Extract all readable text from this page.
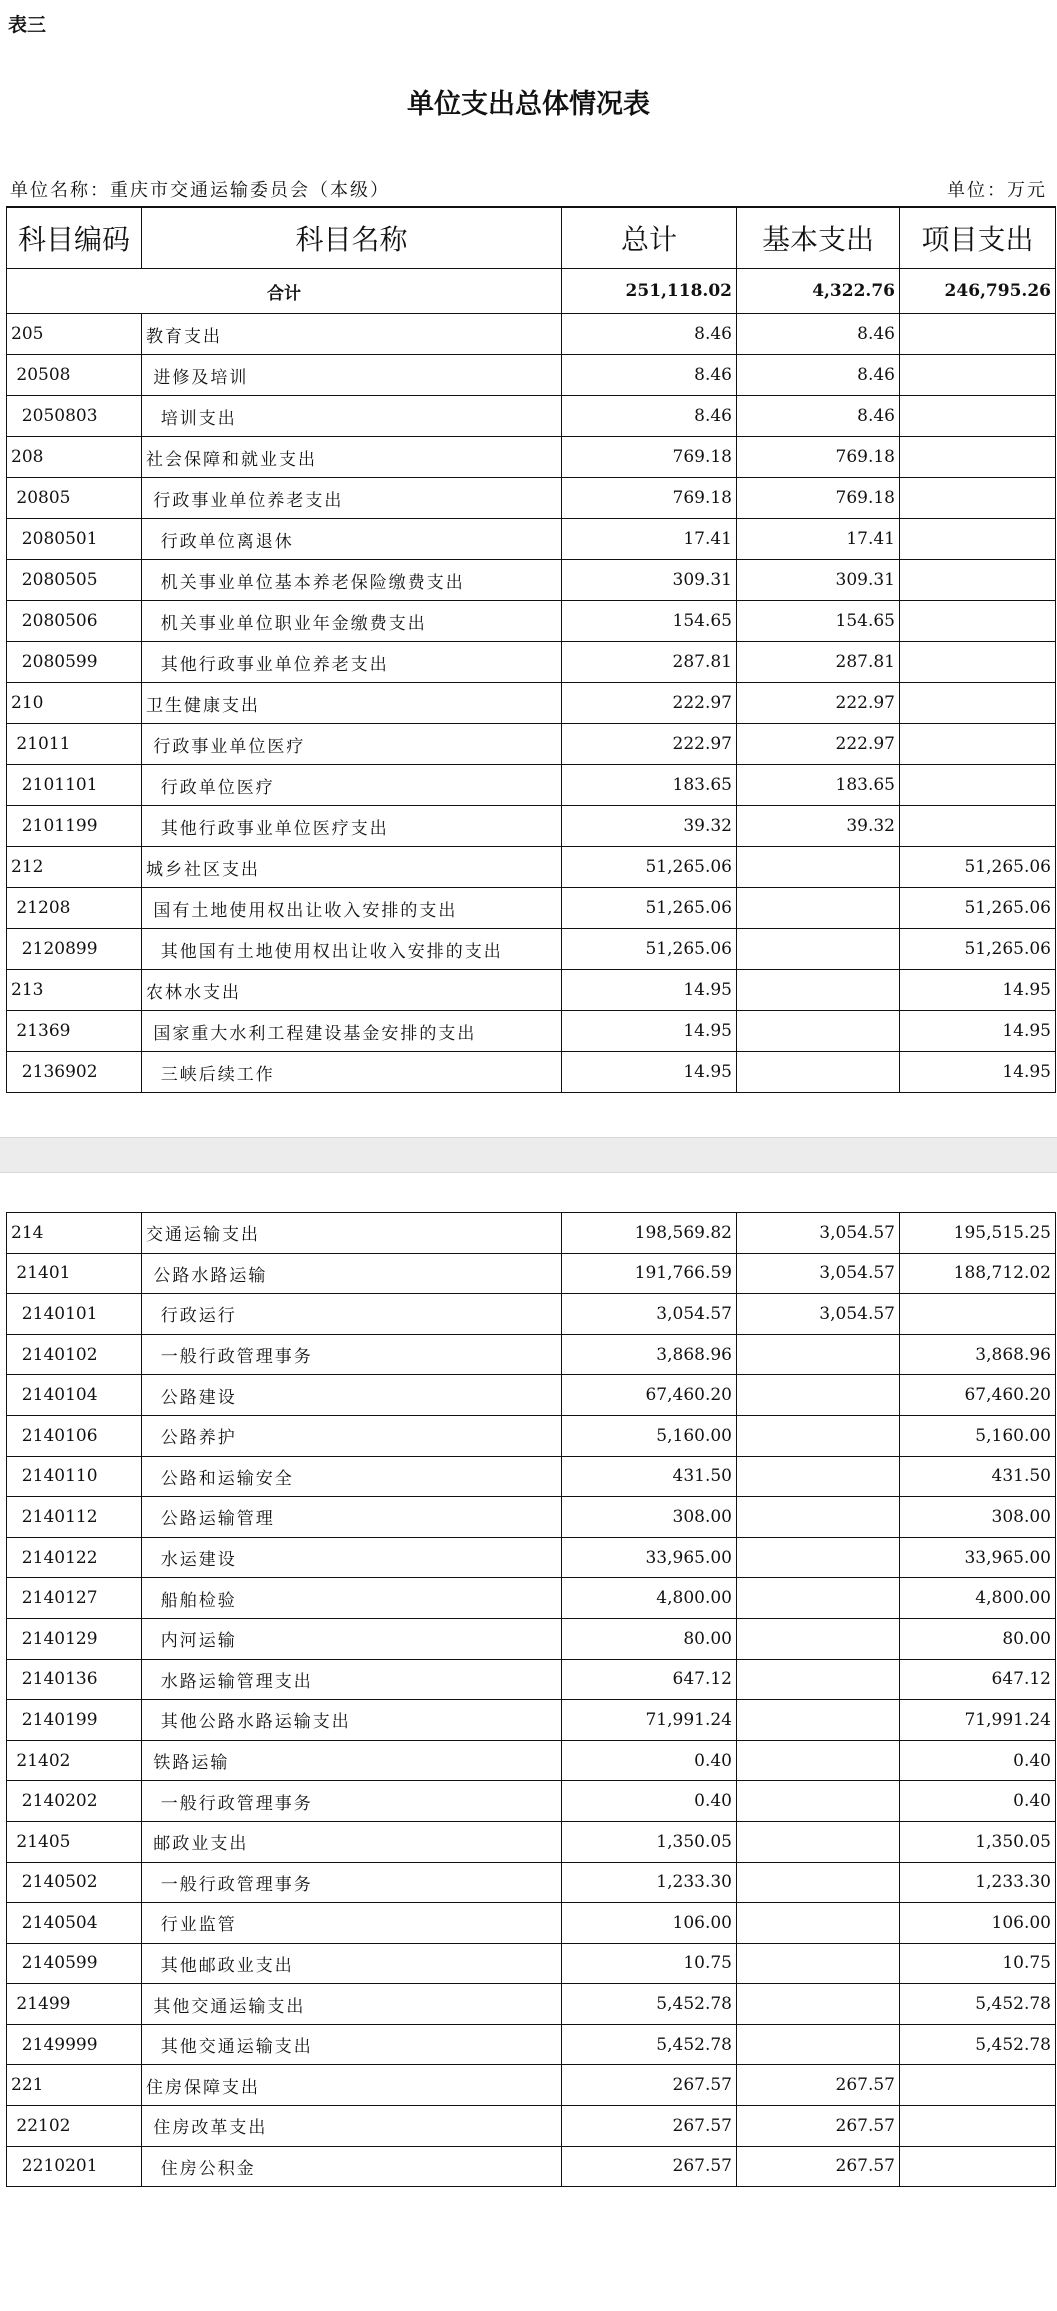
表三
单位支出总体情况表
单位名称：重庆市交通运输委员会（本级）	单位：万元
科目编码	科目名称	总计	基本支出	项目支出
合计		251,118.02	4,322.76	246,795.26
205	教育支出	8.46	8.46	
20508	进修及培训	8.46	8.46	
2050803	培训支出	8.46	8.46	
208	社会保障和就业支出	769.18	769.18	
20805	行政事业单位养老支出	769.18	769.18	
2080501	行政单位离退休	17.41	17.41	
2080505	机关事业单位基本养老保险缴费支出	309.31	309.31	
2080506	机关事业单位职业年金缴费支出	154.65	154.65	
2080599	其他行政事业单位养老支出	287.81	287.81	
210	卫生健康支出	222.97	222.97	
21011	行政事业单位医疗	222.97	222.97	
2101101	行政单位医疗	183.65	183.65	
2101199	其他行政事业单位医疗支出	39.32	39.32	
212	城乡社区支出	51,265.06		51,265.06
21208	国有土地使用权出让收入安排的支出	51,265.06		51,265.06
2120899	其他国有土地使用权出让收入安排的支出	51,265.06		51,265.06
213	农林水支出	14.95		14.95
21369	国家重大水利工程建设基金安排的支出	14.95		14.95
2136902	三峡后续工作	14.95		14.95
214	交通运输支出	198,569.82	3,054.57	195,515.25
21401	公路水路运输	191,766.59	3,054.57	188,712.02
2140101	行政运行	3,054.57	3,054.57	
2140102	一般行政管理事务	3,868.96		3,868.96
2140104	公路建设	67,460.20		67,460.20
2140106	公路养护	5,160.00		5,160.00
2140110	公路和运输安全	431.50		431.50
2140112	公路运输管理	308.00		308.00
2140122	水运建设	33,965.00		33,965.00
2140127	船舶检验	4,800.00		4,800.00
2140129	内河运输	80.00		80.00
2140136	水路运输管理支出	647.12		647.12
2140199	其他公路水路运输支出	71,991.24		71,991.24
21402	铁路运输	0.40		0.40
2140202	一般行政管理事务	0.40		0.40
21405	邮政业支出	1,350.05		1,350.05
2140502	一般行政管理事务	1,233.30		1,233.30
2140504	行业监管	106.00		106.00
2140599	其他邮政业支出	10.75		10.75
21499	其他交通运输支出	5,452.78		5,452.78
2149999	其他交通运输支出	5,452.78		5,452.78
221	住房保障支出	267.57	267.57	
22102	住房改革支出	267.57	267.57	
2210201	住房公积金	267.57	267.57	
